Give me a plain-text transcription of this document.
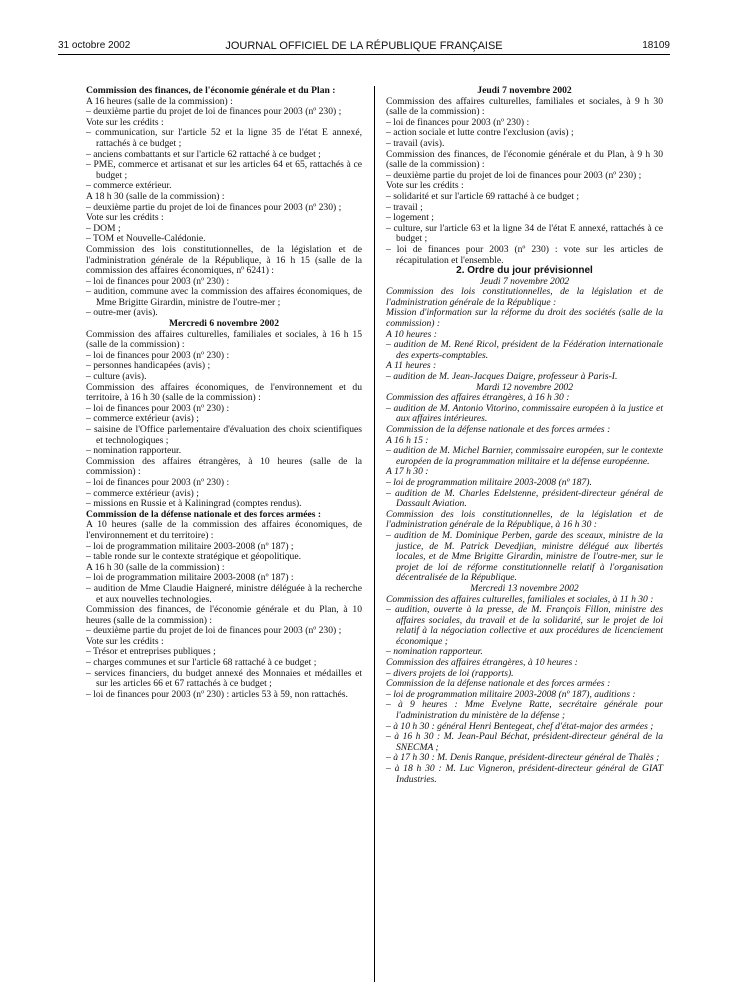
31 octobre 2002	JOURNAL OFFICIEL DE LA RÉPUBLIQUE FRANÇAISE	18109
Commission des finances, de l'économie générale et du Plan :
A 16 heures (salle de la commission) :
– deuxième partie du projet de loi de finances pour 2003 (nº 230) ;
Vote sur les crédits :
– communication, sur l'article 52 et la ligne 35 de l'état E annexé, rattachés à ce budget ;
– anciens combattants et sur l'article 62 rattaché à ce budget ;
– PME, commerce et artisanat et sur les articles 64 et 65, rattachés à ce budget ;
– commerce extérieur.
A 18 h 30 (salle de la commission) :
– deuxième partie du projet de loi de finances pour 2003 (nº 230) ;
Vote sur les crédits :
– DOM ;
– TOM et Nouvelle-Calédonie.
Commission des lois constitutionnelles, de la législation et de l'administration générale de la République, à 16 h 15 (salle de la commission des affaires économiques, nº 6241) :
– loi de finances pour 2003 (nº 230) :
– audition, commune avec la commission des affaires économiques, de Mme Brigitte Girardin, ministre de l'outre-mer ;
– outre-mer (avis).
Mercredi 6 novembre 2002
Commission des affaires culturelles, familiales et sociales, à 16 h 15 (salle de la commission) :
– loi de finances pour 2003 (nº 230) :
– personnes handicapées (avis) ;
– culture (avis).
Commission des affaires économiques, de l'environnement et du territoire, à 16 h 30 (salle de la commission) :
– loi de finances pour 2003 (nº 230) :
– commerce extérieur (avis) ;
– saisine de l'Office parlementaire d'évaluation des choix scientifiques et technologiques ;
– nomination rapporteur.
Commission des affaires étrangères, à 10 heures (salle de la commission) :
– loi de finances pour 2003 (nº 230) :
– commerce extérieur (avis) ;
– missions en Russie et à Kaliningrad (comptes rendus).
Commission de la défense nationale et des forces armées :
A 10 heures (salle de la commission des affaires économiques, de l'environnement et du territoire) :
– loi de programmation militaire 2003-2008 (nº 187) ;
– table ronde sur le contexte stratégique et géopolitique.
A 16 h 30 (salle de la commission) :
– loi de programmation militaire 2003-2008 (nº 187) :
– audition de Mme Claudie Haigneré, ministre déléguée à la recherche et aux nouvelles technologies.
Commission des finances, de l'économie générale et du Plan, à 10 heures (salle de la commission) :
– deuxième partie du projet de loi de finances pour 2003 (nº 230) ;
Vote sur les crédits :
– Trésor et entreprises publiques ;
– charges communes et sur l'article 68 rattaché à ce budget ;
– services financiers, du budget annexé des Monnaies et médailles et sur les articles 66 et 67 rattachés à ce budget ;
– loi de finances pour 2003 (nº 230) : articles 53 à 59, non rattachés.
Jeudi 7 novembre 2002
Commission des affaires culturelles, familiales et sociales, à 9 h 30 (salle de la commission) :
– loi de finances pour 2003 (nº 230) :
– action sociale et lutte contre l'exclusion (avis) ;
– travail (avis).
Commission des finances, de l'économie générale et du Plan, à 9 h 30 (salle de la commission) :
– deuxième partie du projet de loi de finances pour 2003 (nº 230) ;
Vote sur les crédits :
– solidarité et sur l'article 69 rattaché à ce budget ;
– travail ;
– logement ;
– culture, sur l'article 63 et la ligne 34 de l'état E annexé, rattachés à ce budget ;
– loi de finances pour 2003 (nº 230) : vote sur les articles de récapitulation et l'ensemble.
2. Ordre du jour prévisionnel
Jeudi 7 novembre 2002
Commission des lois constitutionnelles, de la législation et de l'administration générale de la République :
Mission d'information sur la réforme du droit des sociétés (salle de la commission) :
A 10 heures :
– audition de M. René Ricol, président de la Fédération internationale des experts-comptables.
A 11 heures :
– audition de M. Jean-Jacques Daigre, professeur à Paris-I.
Mardi 12 novembre 2002
Commission des affaires étrangères, à 16 h 30 :
– audition de M. Antonio Vitorino, commissaire européen à la justice et aux affaires intérieures.
Commission de la défense nationale et des forces armées :
A 16 h 15 :
– audition de M. Michel Barnier, commissaire européen, sur le contexte européen de la programmation militaire et la défense européenne.
A 17 h 30 :
– loi de programmation militaire 2003-2008 (nº 187).
– audition de M. Charles Edelstenne, président-directeur général de Dassault Aviation.
Commission des lois constitutionnelles, de la législation et de l'administration générale de la République, à 16 h 30 :
– audition de M. Dominique Perben, garde des sceaux, ministre de la justice, de M. Patrick Devedjian, ministre délégué aux libertés locales, et de Mme Brigitte Girardin, ministre de l'outre-mer, sur le projet de loi de réforme constitutionnelle relatif à l'organisation décentralisée de la République.
Mercredi 13 novembre 2002
Commission des affaires culturelles, familiales et sociales, à 11 h 30 :
– audition, ouverte à la presse, de M. François Fillon, ministre des affaires sociales, du travail et de la solidarité, sur le projet de loi relatif à la négociation collective et aux procédures de licenciement économique ;
– nomination rapporteur.
Commission des affaires étrangères, à 10 heures :
– divers projets de loi (rapports).
Commission de la défense nationale et des forces armées :
– loi de programmation militaire 2003-2008 (nº 187), auditions :
– à 9 heures : Mme Evelyne Ratte, secrétaire générale pour l'administration du ministère de la défense ;
– à 10 h 30 : général Henri Bentegeat, chef d'état-major des armées ;
– à 16 h 30 : M. Jean-Paul Béchat, président-directeur général de la SNECMA ;
– à 17 h 30 : M. Denis Ranque, président-directeur général de Thalès ;
– à 18 h 30 : M. Luc Vigneron, président-directeur général de GIAT Industries.
